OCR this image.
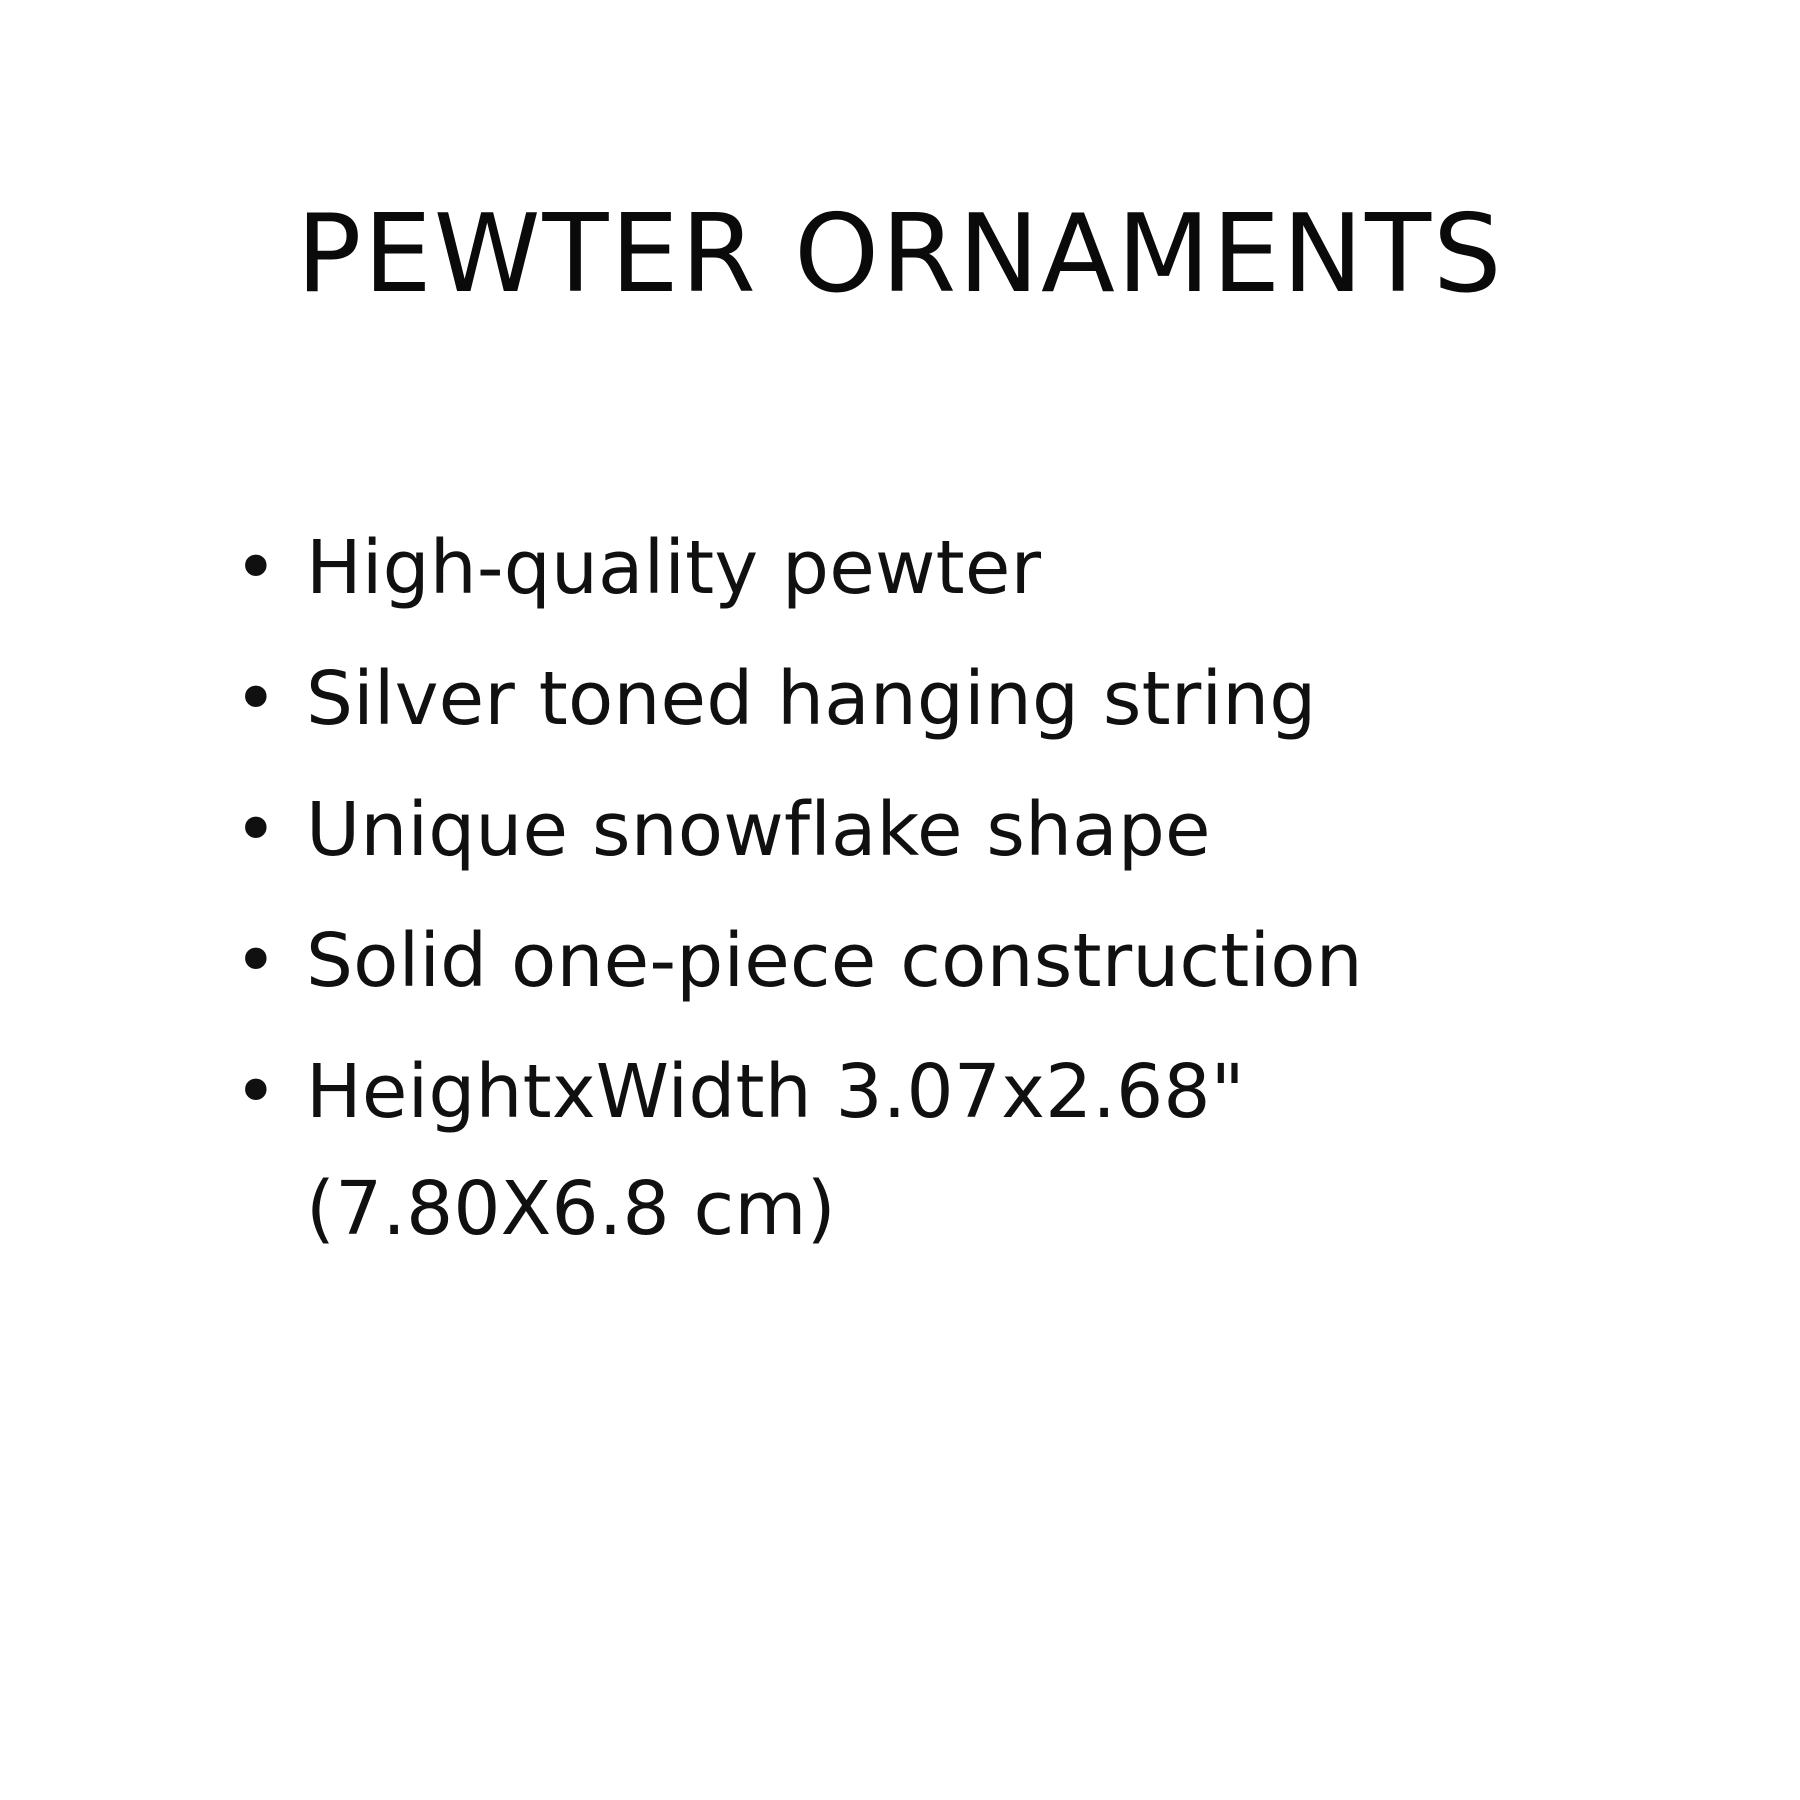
PEWTER ORNAMENTS
• High-quality pewter
• Silver toned hanging string
• Unique snowflake shape
• Solid one-piece construction
• HeightxWidth 3.07x2.68"
(7.80X6.8 cm)
